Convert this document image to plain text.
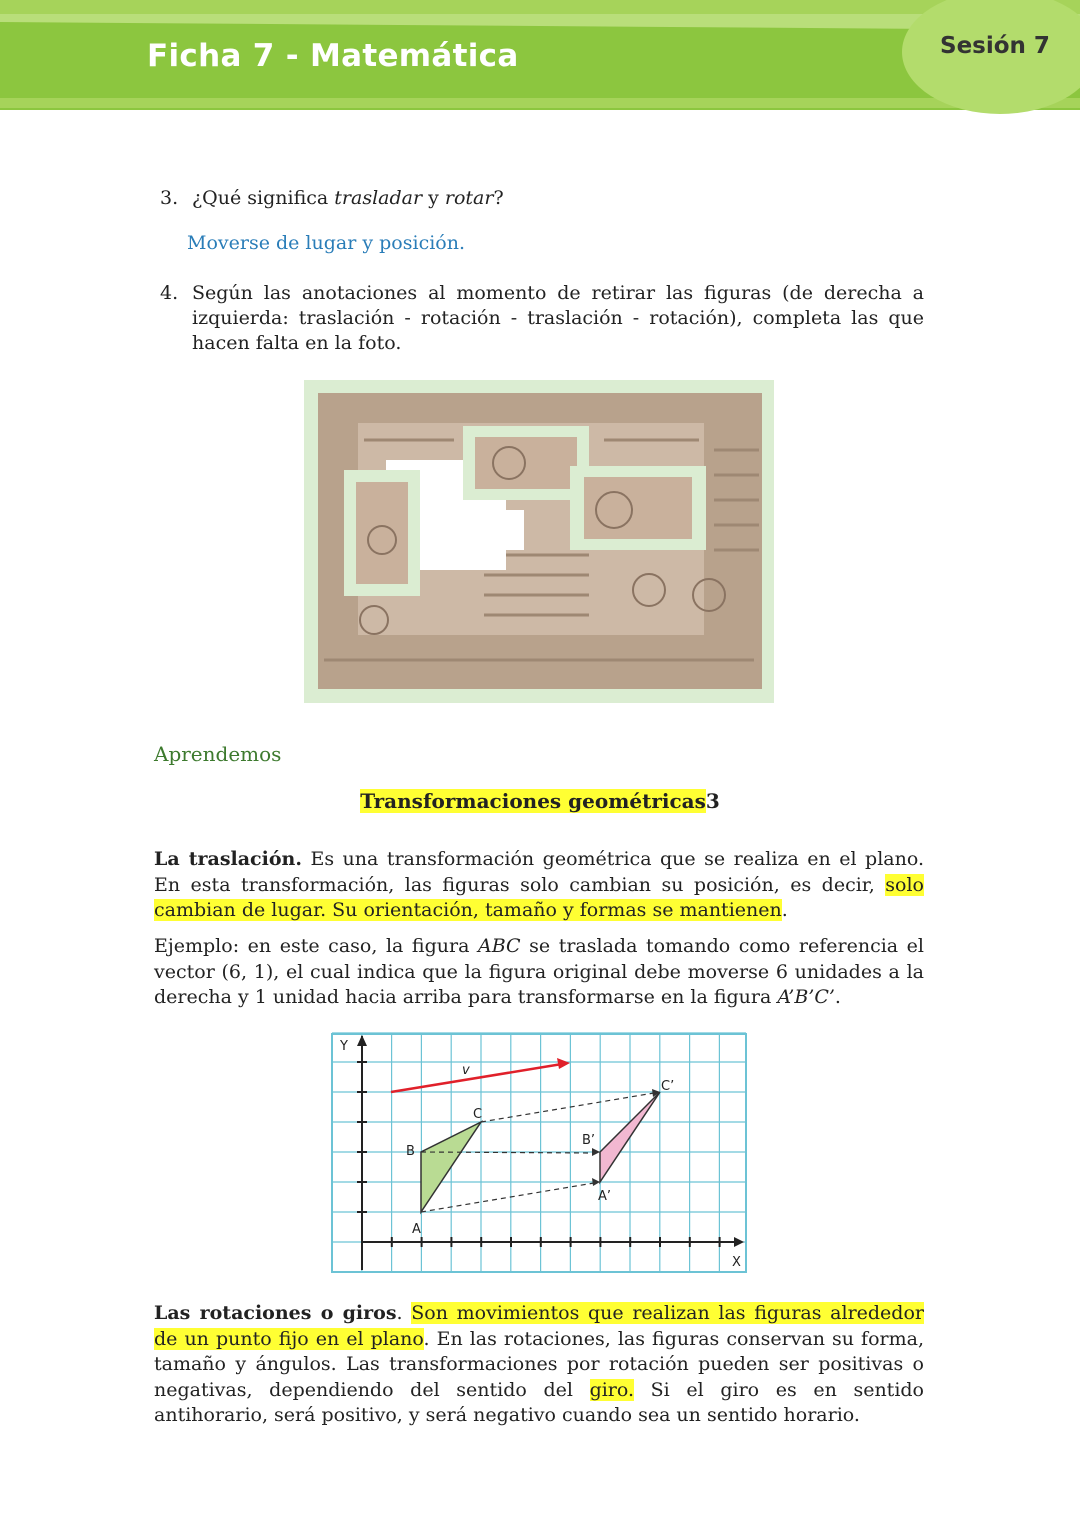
Ficha 7 - Matemática	Sesión 7
3. ¿Qué significa trasladar y rotar?
Moverse de lugar y posición.
4. Según las anotaciones al momento de retirar las figuras (de derecha a izquierda: traslación - rotación - traslación - rotación), completa las que hacen falta en la foto.
Aprendemos
Transformaciones geométricas3
La traslación. Es una transformación geométrica que se realiza en el plano. En esta transformación, las figuras solo cambian su posición, es decir, solo cambian de lugar. Su orientación, tamaño y formas se mantienen.
Ejemplo: en este caso, la figura ABC se traslada tomando como referencia el vector (6, 1), el cual indica que la figura original debe moverse 6 unidades a la derecha y 1 unidad hacia arriba para transformarse en la figura A’B’C’.
Y
X
v
A
B
C
A’
B’
C’
Las rotaciones o giros. Son movimientos que realizan las figuras alrededor de un punto fijo en el plano. En las rotaciones, las figuras conservan su forma, tamaño y ángulos. Las transformaciones por rotación pueden ser positivas o negativas, dependiendo del sentido del giro. Si el giro es en sentido antihorario, será positivo, y será negativo cuando sea un sentido horario.
